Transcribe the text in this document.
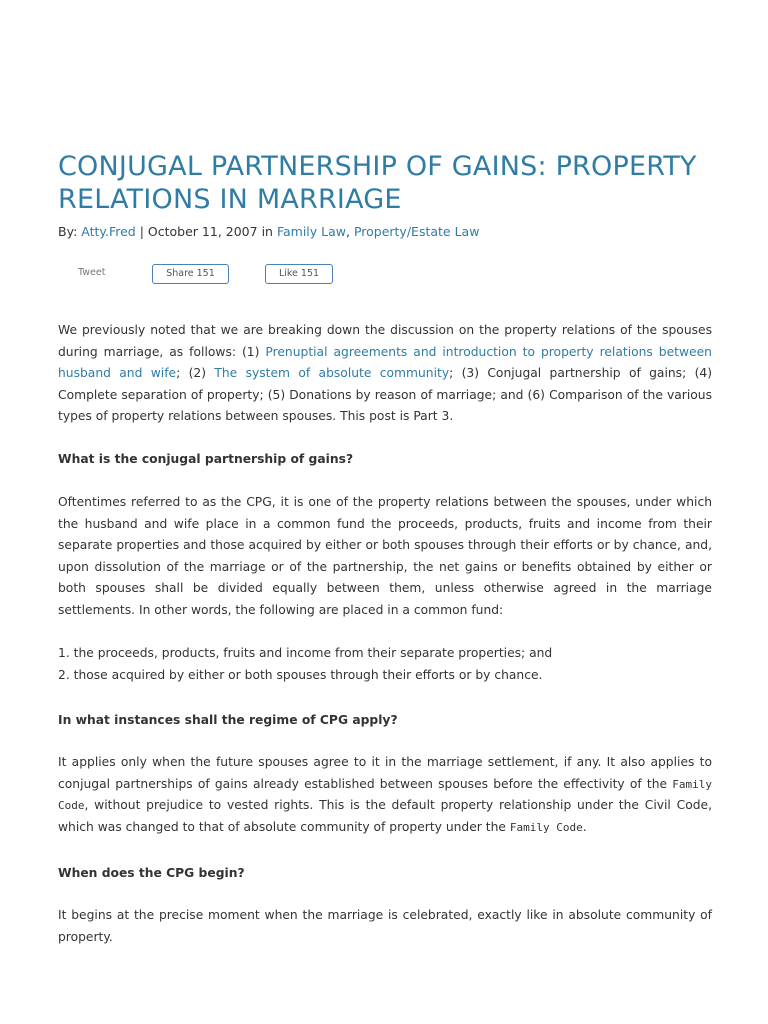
CONJUGAL PARTNERSHIP OF GAINS: PROPERTY RELATIONS IN MARRIAGE
By: Atty.Fred | October 11, 2007 in Family Law, Property/Estate Law
Tweet	Share 151	Like 151

We previously noted that we are breaking down the discussion on the property relations of the spouses during marriage, as follows: (1) Prenuptial agreements and introduction to property relations between husband and wife; (2) The system of absolute community; (3) Conjugal partnership of gains; (4) Complete separation of property; (5) Donations by reason of marriage; and (6) Comparison of the various types of property relations between spouses. This post is Part 3.

What is the conjugal partnership of gains?

Oftentimes referred to as the CPG, it is one of the property relations between the spouses, under which the husband and wife place in a common fund the proceeds, products, fruits and income from their separate properties and those acquired by either or both spouses through their efforts or by chance, and, upon dissolution of the marriage or of the partnership, the net gains or benefits obtained by either or both spouses shall be divided equally between them, unless otherwise agreed in the marriage settlements. In other words, the following are placed in a common fund:

1. the proceeds, products, fruits and income from their separate properties; and
2. those acquired by either or both spouses through their efforts or by chance.
In what instances shall the regime of CPG apply?

It applies only when the future spouses agree to it in the marriage settlement, if any. It also applies to conjugal partnerships of gains already established between spouses before the effectivity of the Family Code, without prejudice to vested rights. This is the default property relationship under the Civil Code, which was changed to that of absolute community of property under the Family Code.

When does the CPG begin?

It begins at the precise moment when the marriage is celebrated, exactly like in absolute community of property.
